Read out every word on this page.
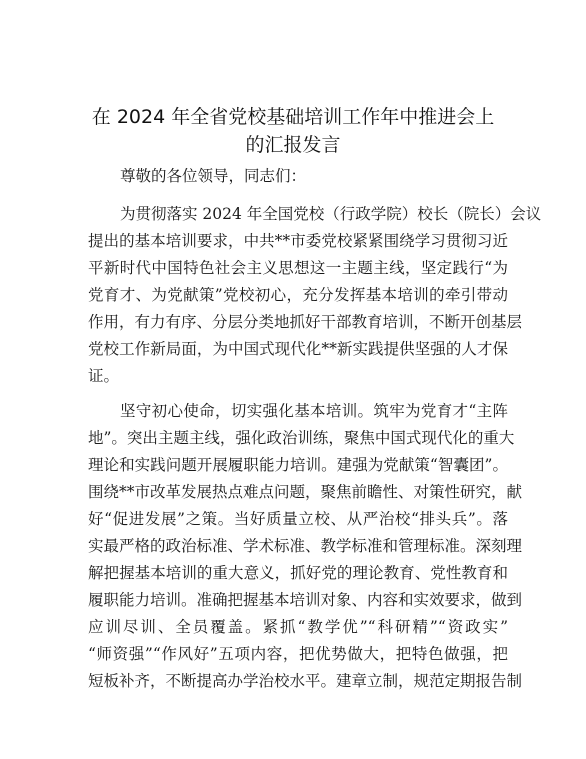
在 2024 年全省党校基础培训工作年中推进会上
的汇报发言
尊敬的各位领导，同志们：
为贯彻落实 2024 年全国党校（行政学院）校长（院长）会议
提出的基本培训要求，中共**市委党校紧紧围绕学习贯彻习近
平新时代中国特色社会主义思想这一主题主线，坚定践行“为
党育才、为党献策”党校初心，充分发挥基本培训的牵引带动
作用，有力有序、分层分类地抓好干部教育培训，不断开创基层
党校工作新局面，为中国式现代化**新实践提供坚强的人才保
证。
坚守初心使命，切实强化基本培训。筑牢为党育才“主阵
地”。突出主题主线，强化政治训练，聚焦中国式现代化的重大
理论和实践问题开展履职能力培训。建强为党献策“智囊团”。
围绕**市改革发展热点难点问题，聚焦前瞻性、对策性研究，献
好“促进发展”之策。当好质量立校、从严治校“排头兵”。落
实最严格的政治标准、学术标准、教学标准和管理标准。深刻理
解把握基本培训的重大意义，抓好党的理论教育、党性教育和
履职能力培训。准确把握基本培训对象、内容和实效要求，做到
应训尽训、全员覆盖。紧抓“教学优”“科研精”“资政实”
“师资强”“作风好”五项内容，把优势做大，把特色做强，把
短板补齐，不断提高办学治校水平。建章立制，规范定期报告制
